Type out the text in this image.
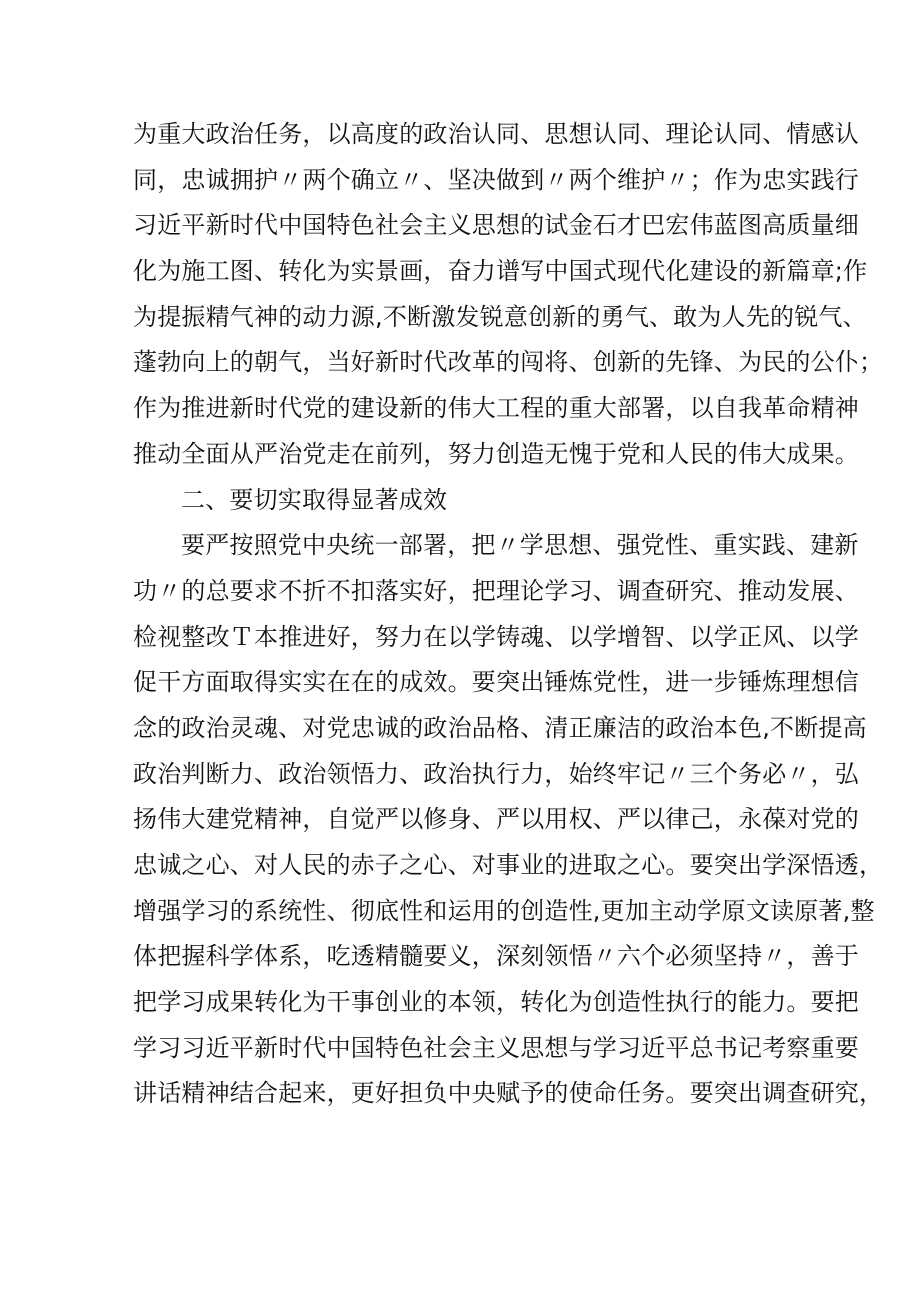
为重大政治任务，以高度的政治认同、思想认同、理论认同、情感认
同，忠诚拥护〃两个确立〃、坚决做到〃两个维护〃；作为忠实践行
习近平新时代中国特色社会主义思想的试金石才巴宏伟蓝图高质量细
化为施工图、转化为实景画，奋力谱写中国式现代化建设的新篇章;作
为提振精气神的动力源,不断激发锐意创新的勇气、敢为人先的锐气、
蓬勃向上的朝气，当好新时代改革的闯将、创新的先锋、为民的公仆；
作为推进新时代党的建设新的伟大工程的重大部署，以自我革命精神
推动全面从严治党走在前列，努力创造无愧于党和人民的伟大成果。
二、要切实取得显著成效
要严按照党中央统一部署，把〃学思想、强党性、重实践、建新
功〃的总要求不折不扣落实好，把理论学习、调查研究、推动发展、
检视整改Ｔ本推进好，努力在以学铸魂、以学增智、以学正风、以学
促干方面取得实实在在的成效。要突出锤炼党性，进一步锤炼理想信
念的政治灵魂、对党忠诚的政治品格、清正廉洁的政治本色,不断提高
政治判断力、政治领悟力、政治执行力，始终牢记〃三个务必〃，弘
扬伟大建党精神，自觉严以修身、严以用权、严以律己，永葆对党的
忠诚之心、对人民的赤子之心、对事业的进取之心。要突出学深悟透，
增强学习的系统性、彻底性和运用的创造性,更加主动学原文读原著,整
体把握科学体系，吃透精髓要义，深刻领悟〃六个必须坚持〃，善于
把学习成果转化为干事创业的本领，转化为创造性执行的能力。要把
学习习近平新时代中国特色社会主义思想与学习近平总书记考察重要
讲话精神结合起来，更好担负中央赋予的使命任务。要突出调查研究，
